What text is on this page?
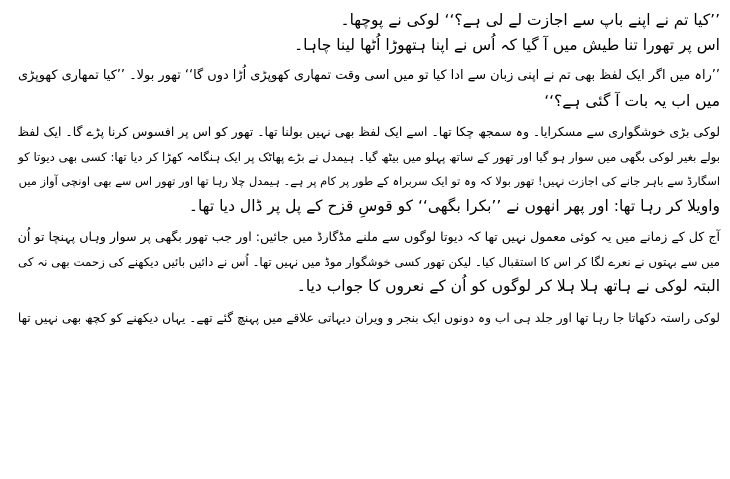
’’کیا تم نے اپنے باپ سے اجازت لے لی ہے؟‘‘ لوکی نے پوچھا۔
اس پر تھورا تنا طیش میں آ گیا کہ اُس نے اپنا ہتھوڑا اُٹھا لینا چاہا۔

’’راہ میں اگر ایک لفظ بھی تم نے اپنی زبان سے ادا کیا تو میں اسی وقت تمھاری کھوپڑی اُڑا دوں گا‘‘ تھور بولا۔ ’’کیا تمھاری کھوپڑی
میں اب یہ بات آ گئی ہے؟‘‘

لوکی بڑی خوشگواری سے مسکرایا۔ وہ سمجھ چکا تھا۔ اسے ایک لفظ بھی نہیں بولنا تھا۔ تھور کو اس پر افسوس کرنا پڑے گا۔ ایک لفظ
بولے بغیر لوکی بگھی میں سوار ہو گیا اور تھور کے ساتھ پہلو میں بیٹھ گیا۔ ہیمدل نے بڑے پھاٹک پر ایک ہنگامہ کھڑا کر دیا تھا: کسی بھی دیوتا کو
اسگارڈ سے باہر جانے کی اجازت نہیں! تھور بولا کہ وہ تو ایک سربراہ کے طور پر کام پر ہے۔ ہیمدل چلا رہا تھا اور تھور اس سے بھی اونچی آواز میں
واویلا کر رہا تھا: اور پھر انھوں نے ’’بکرا بگھی‘‘ کو قوسِ قزح کے پل پر ڈال دیا تھا۔

آج کل کے زمانے میں یہ کوئی معمول نہیں تھا کہ دیوتا لوگوں سے ملنے مڈگارڈ میں جائیں: اور جب تھور بگھی پر سوار وہاں پہنچا تو اُن
میں سے بہتوں نے نعرے لگا کر اس کا استقبال کیا۔ لیکن تھور کسی خوشگوار موڈ میں نہیں تھا۔ اُس نے دائیں بائیں دیکھنے کی زحمت بھی نہ کی
البتہ لوکی نے ہاتھ ہلا ہلا کر لوگوں کو اُن کے نعروں کا جواب دیا۔

لوکی راستہ دکھاتا جا رہا تھا اور جلد ہی اب وہ دونوں ایک بنجر و ویران دیہاتی علاقے میں پہنچ گئے تھے۔ یہاں دیکھنے کو کچھ بھی نہیں تھا
